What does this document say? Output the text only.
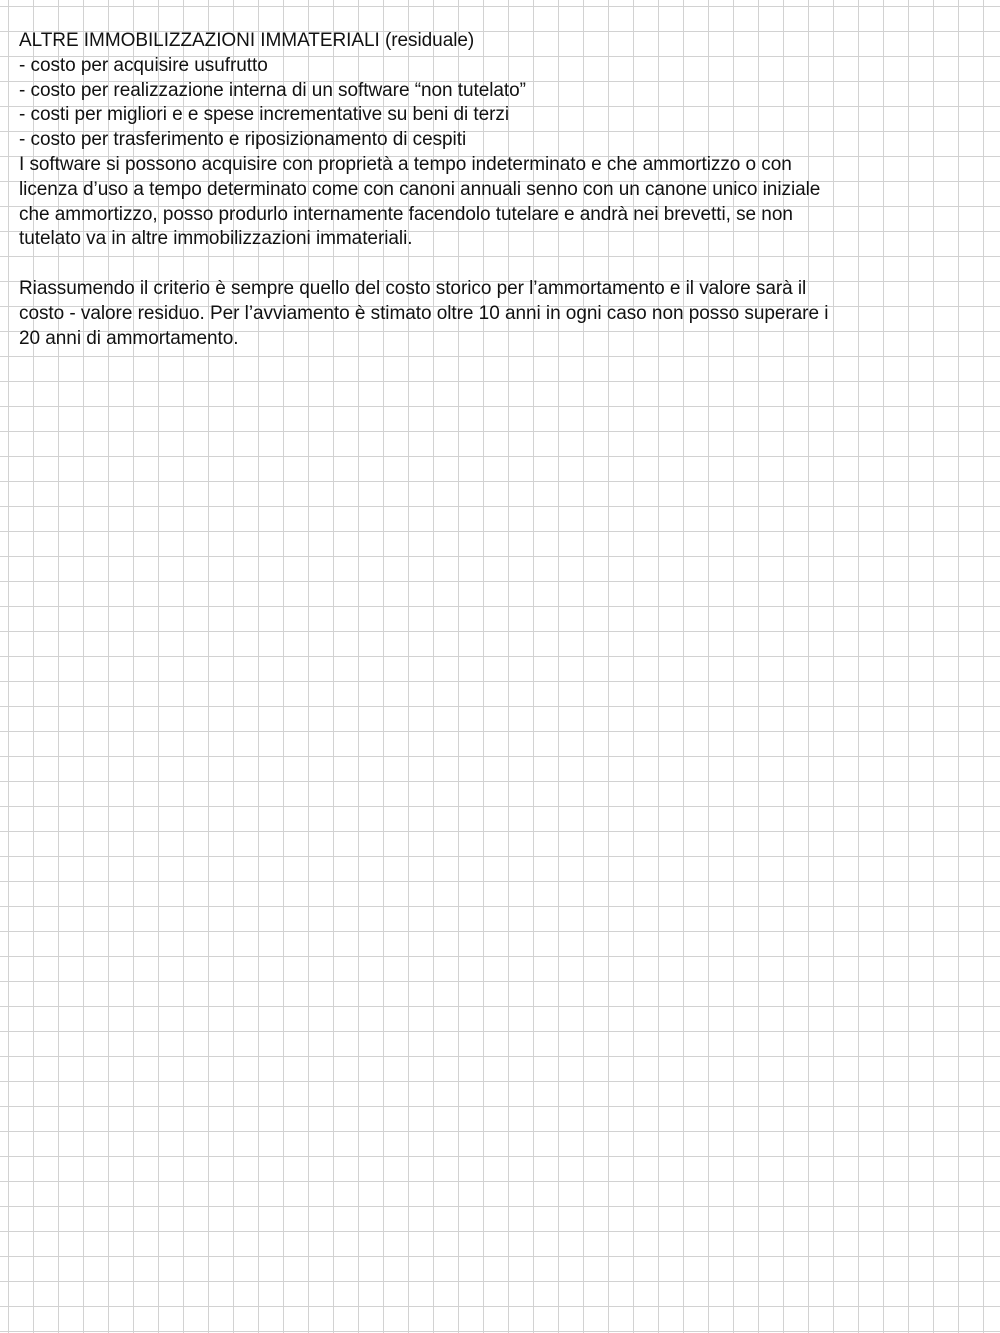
ALTRE IMMOBILIZZAZIONI IMMATERIALI (residuale)
- costo per acquisire usufrutto
- costo per realizzazione interna di un software “non tutelato”
- costi per migliori e e spese incrementative su beni di terzi
- costo per trasferimento e riposizionamento di cespiti
I software si possono acquisire con proprietà a tempo indeterminato e che ammortizzo o con
licenza d’uso a tempo determinato come con canoni annuali senno con un canone unico iniziale
che ammortizzo, posso produrlo internamente facendolo tutelare e andrà nei brevetti, se non
tutelato va in altre immobilizzazioni immateriali.
Riassumendo il criterio è sempre quello del costo storico per l’ammortamento e il valore sarà il
costo - valore residuo. Per l’avviamento è stimato oltre 10 anni in ogni caso non posso superare i
20 anni di ammortamento.
